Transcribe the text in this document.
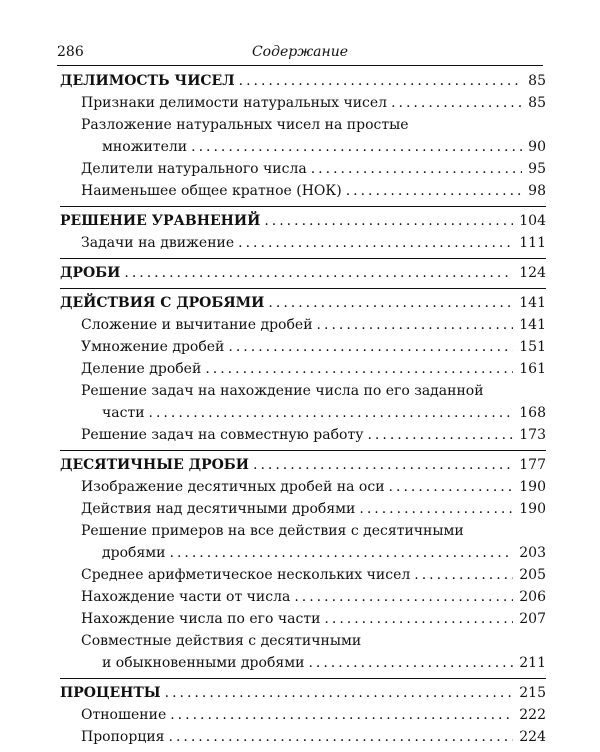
286	Содержание
ДЕЛИМОСТЬ ЧИСЕЛ .....	85
Признаки делимости натуральных чисел .....	85
Разложение натуральных чисел на простые
множители .....	90
Делители натурального числа .....	95
Наименьшее общее кратное (НОК) .....	98
РЕШЕНИЕ УРАВНЕНИЙ .....	104
Задачи на движение .....	111
ДРОБИ .....	124
ДЕЙСТВИЯ С ДРОБЯМИ .....	141
Сложение и вычитание дробей .....	141
Умножение дробей .....	151
Деление дробей .....	161
Решение задач на нахождение числа по его заданной
части .....	168
Решение задач на совместную работу .....	173
ДЕСЯТИЧНЫЕ ДРОБИ .....	177
Изображение десятичных дробей на оси .....	190
Действия над десятичными дробями .....	190
Решение примеров на все действия с десятичными
дробями .....	203
Среднее арифметическое нескольких чисел .....	205
Нахождение части от числа .....	206
Нахождение числа по его части .....	207
Совместные действия с десятичными
и обыкновенными дробями .....	211
ПРОЦЕНТЫ .....	215
Отношение .....	222
Пропорция .....	224
